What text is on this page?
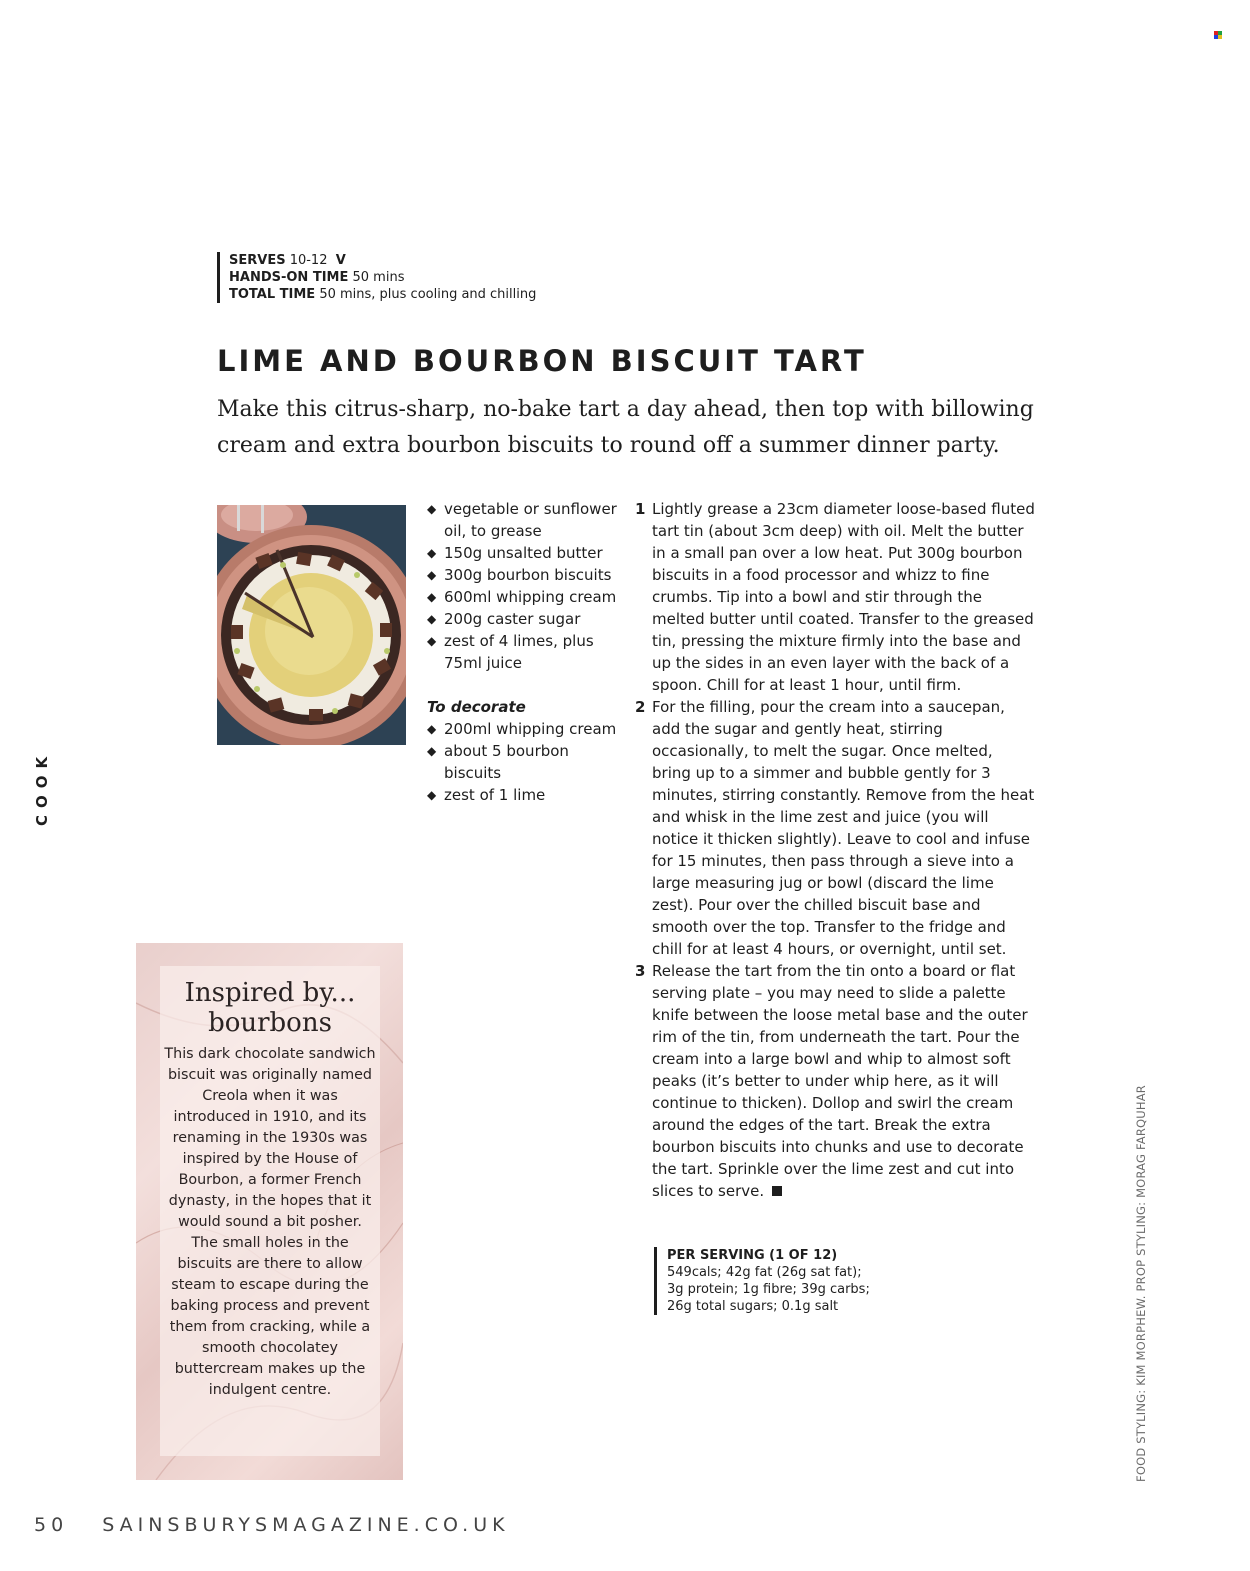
SERVES 10-12 V
HANDS-ON TIME 50 mins
TOTAL TIME 50 mins, plus cooling and chilling
LIME AND BOURBON BISCUIT TART

Make this citrus-sharp, no-bake tart a day ahead, then top with billowing cream and extra bourbon biscuits to round off a summer dinner party.

◆ vegetable or sunflower oil, to grease
◆ 150g unsalted butter
◆ 300g bourbon biscuits
◆ 600ml whipping cream
◆ 200g caster sugar
◆ zest of 4 limes, plus 75ml juice
To decorate
◆ 200ml whipping cream
◆ about 5 bourbon biscuits
◆ zest of 1 lime
1 Lightly grease a 23cm diameter loose-based fluted tart tin (about 3cm deep) with oil. Melt the butter in a small pan over a low heat. Put 300g bourbon biscuits in a food processor and whizz to fine crumbs. Tip into a bowl and stir through the melted butter until coated. Transfer to the greased tin, pressing the mixture firmly into the base and up the sides in an even layer with the back of a spoon. Chill for at least 1 hour, until firm.
2 For the filling, pour the cream into a saucepan, add the sugar and gently heat, stirring occasionally, to melt the sugar. Once melted, bring up to a simmer and bubble gently for 3 minutes, stirring constantly. Remove from the heat and whisk in the lime zest and juice (you will notice it thicken slightly). Leave to cool and infuse for 15 minutes, then pass through a sieve into a large measuring jug or bowl (discard the lime zest). Pour over the chilled biscuit base and smooth over the top. Transfer to the fridge and chill for at least 4 hours, or overnight, until set.
3 Release the tart from the tin onto a board or flat serving plate – you may need to slide a palette knife between the loose metal base and the outer rim of the tin, from underneath the tart. Pour the cream into a large bowl and whip to almost soft peaks (it’s better to under whip here, as it will continue to thicken). Dollop and swirl the cream around the edges of the tart. Break the extra bourbon biscuits into chunks and use to decorate the tart. Sprinkle over the lime zest and cut into slices to serve.
PER SERVING (1 OF 12)
549cals; 42g fat (26g sat fat);
3g protein; 1g fibre; 39g carbs;
26g total sugars; 0.1g salt
Inspired by...
bourbons
This dark chocolate sandwich biscuit was originally named Creola when it was introduced in 1910, and its renaming in the 1930s was inspired by the House of Bourbon, a former French dynasty, in the hopes that it would sound a bit posher. The small holes in the biscuits are there to allow steam to escape during the baking process and prevent them from cracking, while a smooth chocolatey buttercream makes up the indulgent centre.
COOK
FOOD STYLING: KIM MORPHEW. PROP STYLING: MORAG FARQUHAR
50 SAINSBURYSMAGAZINE.CO.UK
